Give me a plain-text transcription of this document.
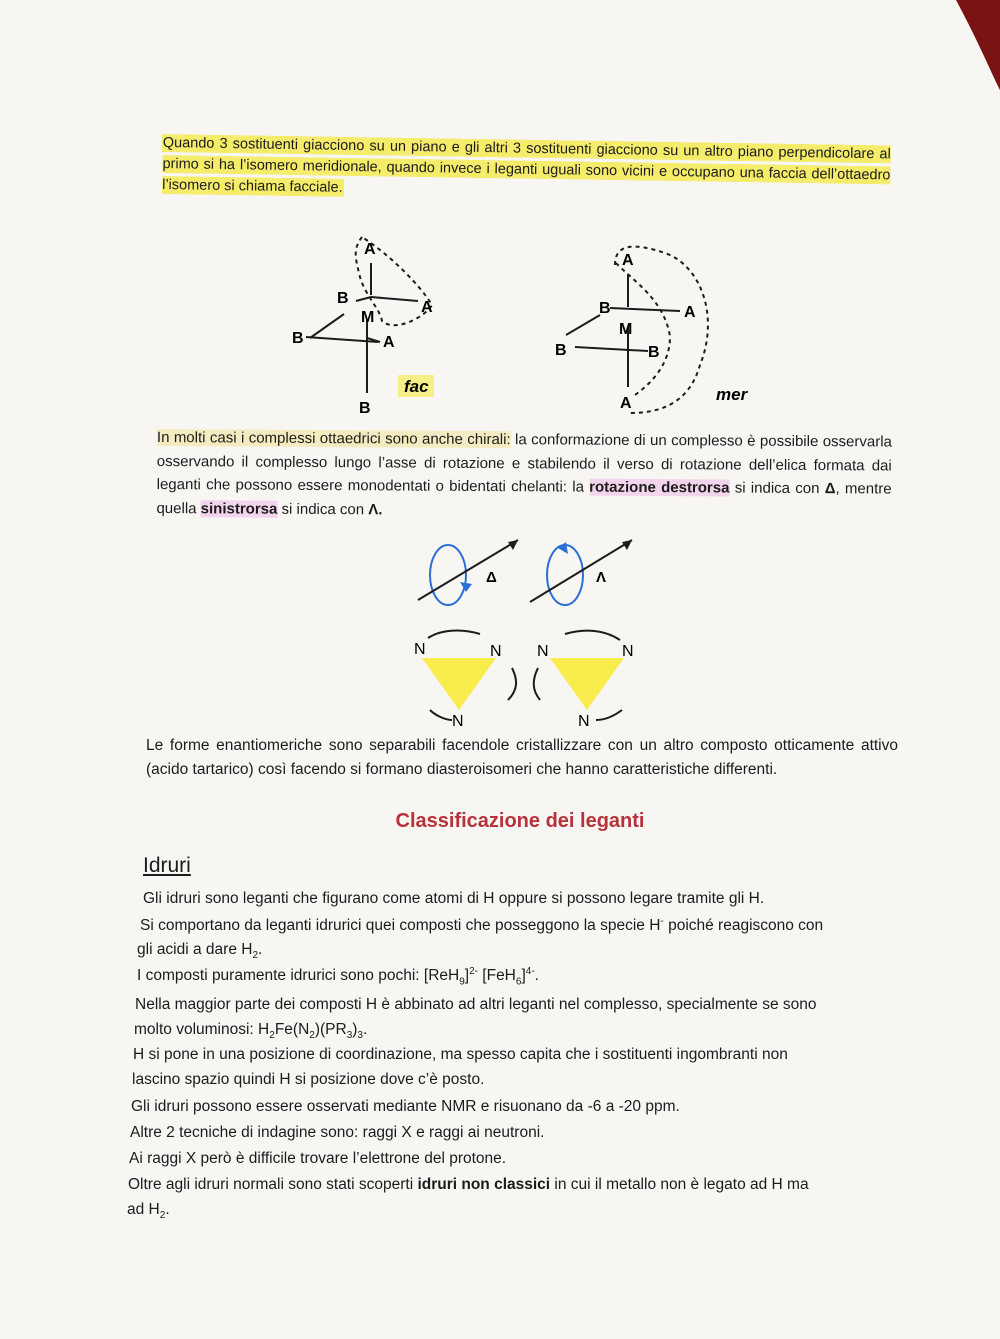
Quando 3 sostituenti giacciono su un piano e gli altri 3 sostituenti giacciono su un altro piano perpendicolare al primo si ha l’isomero meridionale, quando invece i leganti uguali sono vicini e occupano una faccia dell’ottaedro l’isomero si chiama facciale.
A
A
A
B
B
B
M
fac
A
A
A
B
B	B
M
mer
In molti casi i complessi ottaedrici sono anche chirali: la conformazione di un complesso è possibile osservarla osservando il complesso lungo l’asse di rotazione e stabilendo il verso di rotazione dell’elica formata dai leganti che possono essere monodentati o bidentati chelanti: la rotazione destrorsa si indica con Δ, mentre quella sinistrorsa si indica con Λ.
Δ	Λ
N	N
N
N	N
N
Le forme enantiomeriche sono separabili facendole cristallizzare con un altro composto otticamente attivo (acido tartarico) così facendo si formano diasteroisomeri che hanno caratteristiche differenti.
Classificazione dei leganti
Idruri
Gli idruri sono leganti che figurano come atomi di H oppure si possono legare tramite gli H.
Si comportano da leganti idrurici quei composti che posseggono la specie H- poiché reagiscono con
gli acidi a dare $H_2$.
I composti puramente idrurici sono pochi: $[ReH_9]^{2-}$ $[FeH_6]^{4-}$.
Nella maggior parte dei composti H è abbinato ad altri leganti nel complesso, specialmente se sono
molto voluminosi: $H_2Fe(N_2)(PR_3)_3$.
H si pone in una posizione di coordinazione, ma spesso capita che i sostituenti ingombranti non
lascino spazio quindi H si posizione dove c’è posto.
Gli idruri possono essere osservati mediante NMR e risuonano da -6 a -20 ppm.
Altre 2 tecniche di indagine sono: raggi X e raggi ai neutroni.
Ai raggi X però è difficile trovare l’elettrone del protone.
Oltre agli idruri normali sono stati scoperti idruri non classici in cui il metallo non è legato ad H ma
ad $H_2$.
